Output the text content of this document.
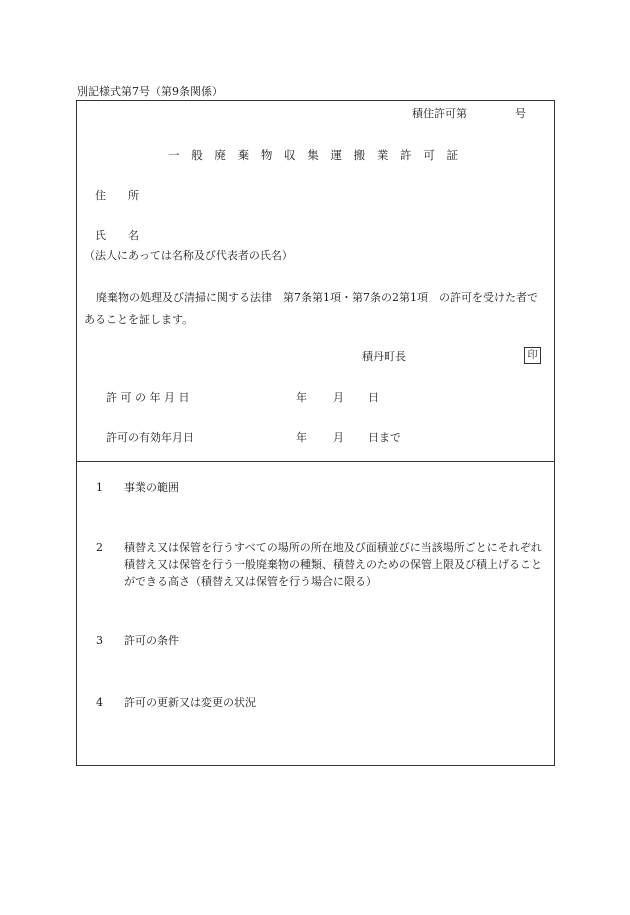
別記様式第7号（第9条関係）
積住許可第	号
一 般 廃 棄 物 収 集 運 搬 業 許 可 証
住　　所
氏　　名
（法人にあっては名称及び代表者の氏名）
廃棄物の処理及び清掃に関する法律　第7条第1項・第7条の2第1項　の許可を受けた者であることを証します。
積丹町長	印
許 可 の 年 月 日	年 月 日
許可の有効年月日	年 月 日まで
1 事業の範囲
2 積替え又は保管を行うすべての場所の所在地及び面積並びに当該場所ごとにそれぞれ積替え又は保管を行う一般廃棄物の種類、積替えのための保管上限及び積上げることができる高さ（積替え又は保管を行う場合に限る）
3 許可の条件
4 許可の更新又は変更の状況
